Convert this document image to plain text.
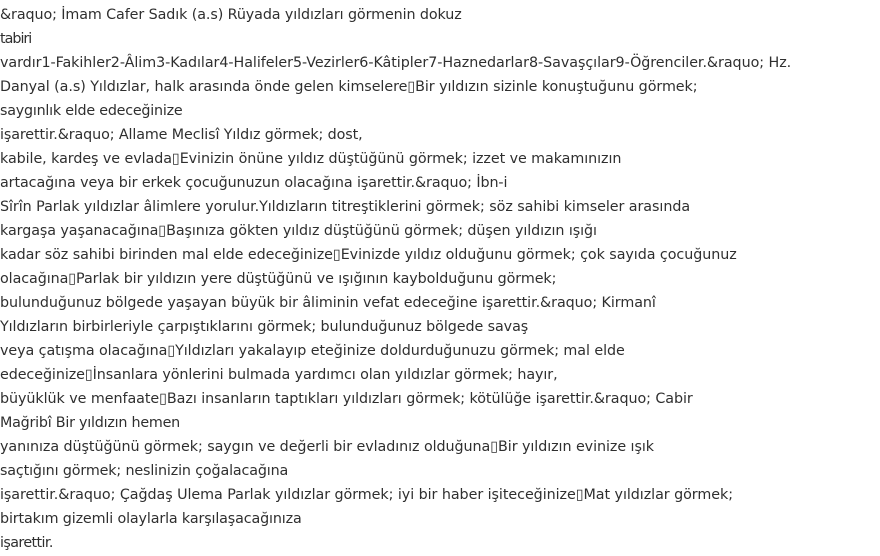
&raquo; İmam Cafer Sadık (a.s) Rüyada yıldızları görmenin dokuz
tabiri
vardır1-Fakihler2-Âlim3-Kadılar4-Halifeler5-Vezirler6-Kâtipler7-Haznedarlar8-Savaşçılar9-Öğrenciler.&raquo; Hz.
Danyal (a.s) Yıldızlar, halk arasında önde gelen kimselere▯Bir yıldızın sizinle konuştuğunu görmek;
saygınlık elde edeceğinize
işarettir.&raquo; Allame Meclisî Yıldız görmek; dost,
kabile, kardeş ve evlada▯Evinizin önüne yıldız düştüğünü görmek; izzet ve makamınızın
artacağına veya bir erkek çocuğunuzun olacağına işarettir.&raquo; İbn-i
Sîrîn Parlak yıldızlar âlimlere yorulur.Yıldızların titreştiklerini görmek; söz sahibi kimseler arasında
kargaşa yaşanacağına▯Başınıza gökten yıldız düştüğünü görmek; düşen yıldızın ışığı
kadar söz sahibi birinden mal elde edeceğinize▯Evinizde yıldız olduğunu görmek; çok sayıda çocuğunuz
olacağına▯Parlak bir yıldızın yere düştüğünü ve ışığının kaybolduğunu görmek;
bulunduğunuz bölgede yaşayan büyük bir âliminin vefat edeceğine işarettir.&raquo; Kirmanî
Yıldızların birbirleriyle çarpıştıklarını görmek; bulunduğunuz bölgede savaş
veya çatışma olacağına▯Yıldızları yakalayıp eteğinize doldurduğunuzu görmek; mal elde
edeceğinize▯İnsanlara yönlerini bulmada yardımcı olan yıldızlar görmek; hayır,
büyüklük ve menfaate▯Bazı insanların taptıkları yıldızları görmek; kötülüğe işarettir.&raquo; Cabir
Mağribî Bir yıldızın hemen
yanınıza düştüğünü görmek; saygın ve değerli bir evladınız olduğuna▯Bir yıldızın evinize ışık
saçtığını görmek; neslinizin çoğalacağına
işarettir.&raquo; Çağdaş Ulema Parlak yıldızlar görmek; iyi bir haber işiteceğinize▯Mat yıldızlar görmek;
birtakım gizemli olaylarla karşılaşacağınıza
işarettir.
